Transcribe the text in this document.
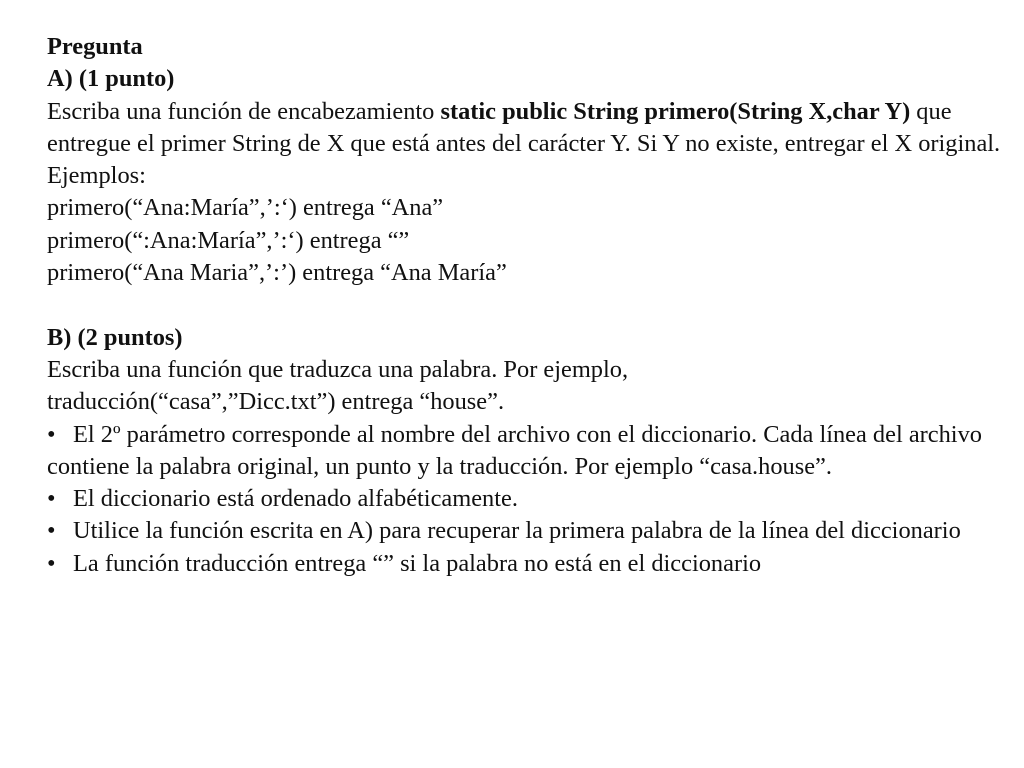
Pregunta
A) (1 punto)
Escriba una función de encabezamiento static public String primero(String X,char Y) que entregue el primer String de X que está antes del carácter Y. Si Y no existe, entregar el X original.
Ejemplos:
primero(“Ana:María”,’:‘) entrega “Ana”
primero(“:Ana:María”,’:‘) entrega “”
primero(“Ana Maria”,’:’) entrega “Ana María”
B) (2 puntos)
Escriba una función que traduzca una palabra. Por ejemplo,
traducción(“casa”,”Dicc.txt”) entrega “house”.
• El 2º parámetro corresponde al nombre del archivo con el diccionario. Cada línea del archivo contiene la palabra original, un punto y la traducción. Por ejemplo “casa.house”.
• El diccionario está ordenado alfabéticamente.
• Utilice la función escrita en A) para recuperar la primera palabra de la línea del diccionario
• La función traducción entrega “” si la palabra no está en el diccionario
